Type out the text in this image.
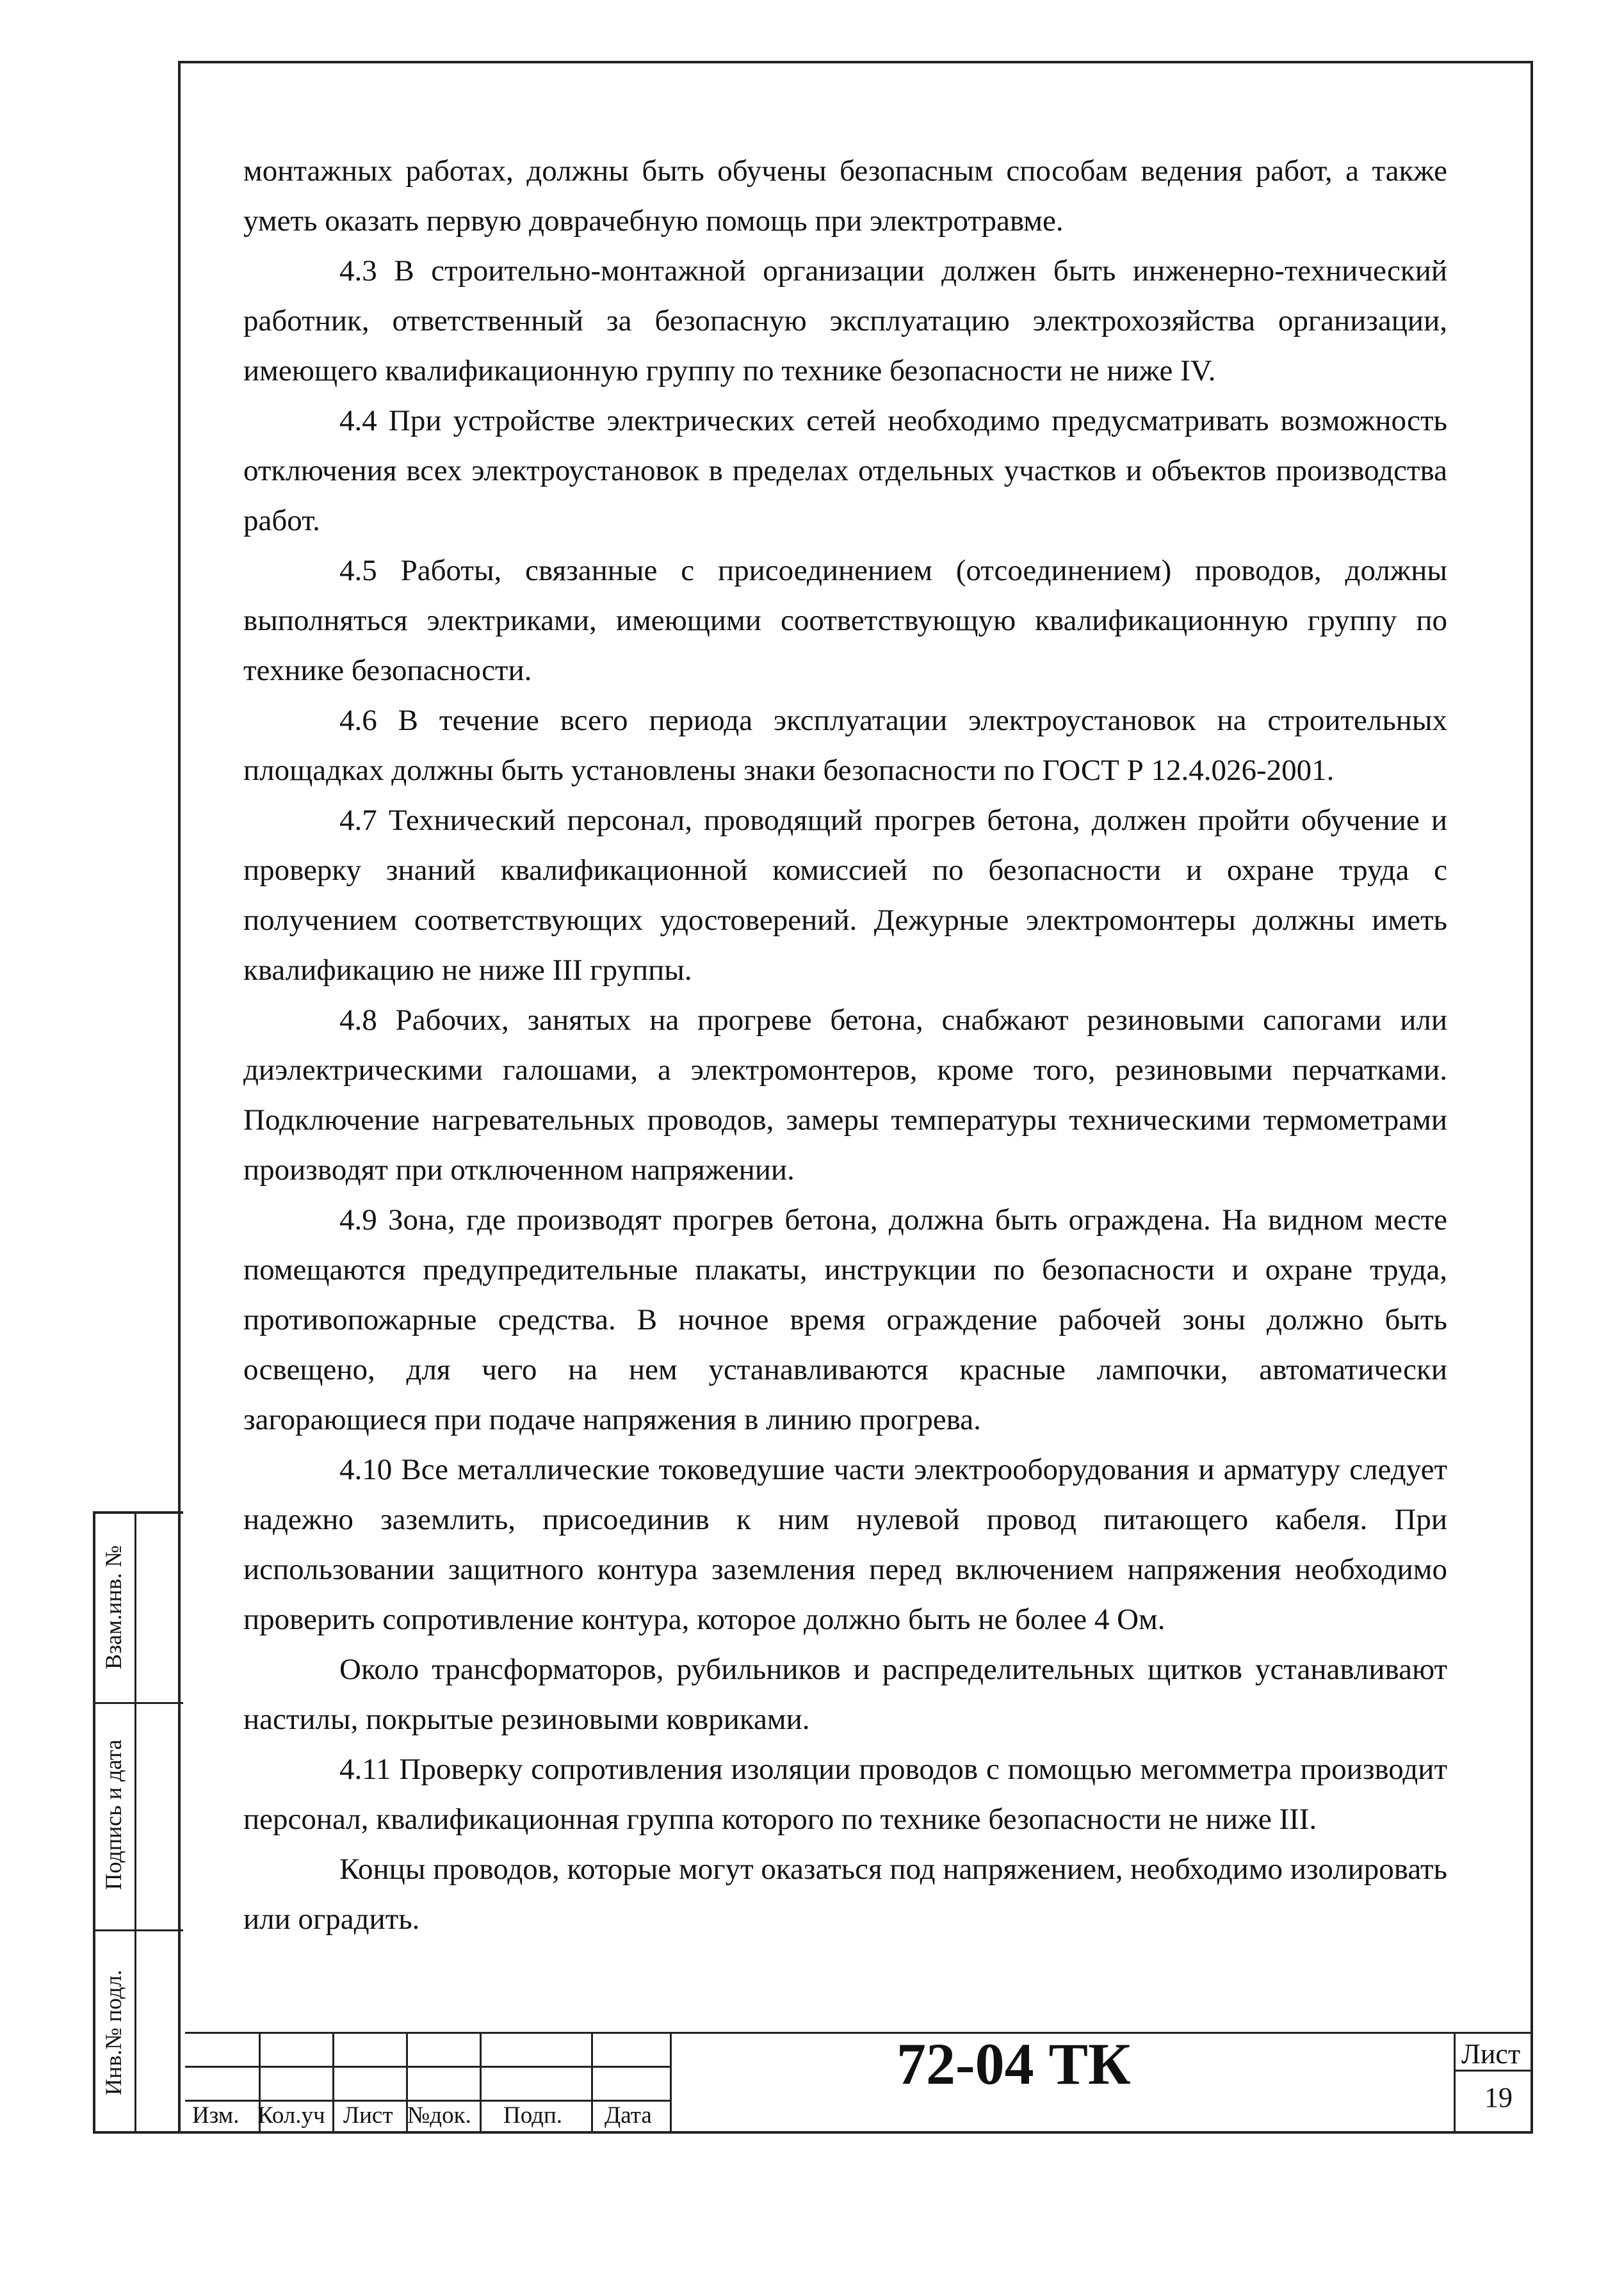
Взам.инв. №
Подпись и дата
Инв.№ подл.

монтажных работах, должны быть обучены безопасным способам ведения работ, а также уметь оказать первую доврачебную помощь при электротравме.

4.3 В строительно-монтажной организации должен быть инженерно-технический работник, ответственный за безопасную эксплуатацию электрохозяйства организации, имеющего квалификационную группу по технике безопасности не ниже IV.

4.4 При устройстве электрических сетей необходимо предусматривать возможность отключения всех электроустановок в пределах отдельных участков и объектов производства работ.

4.5 Работы, связанные с присоединением (отсоединением) проводов, должны выполняться электриками, имеющими соответствующую квалификационную группу по технике безопасности.

4.6 В течение всего периода эксплуатации электроустановок на строительных площадках должны быть установлены знаки безопасности по ГОСТ Р 12.4.026-2001.

4.7 Технический персонал, проводящий прогрев бетона, должен пройти обучение и проверку знаний квалификационной комиссией по безопасности и охране труда с получением соответствующих удостоверений. Дежурные электромонтеры должны иметь квалификацию не ниже III группы.

4.8 Рабочих, занятых на прогреве бетона, снабжают резиновыми сапогами или диэлектрическими галошами, а электромонтеров, кроме того, резиновыми перчатками. Подключение нагревательных проводов, замеры температуры техническими термометрами производят при отключенном напряжении.

4.9 Зона, где производят прогрев бетона, должна быть ограждена. На видном месте помещаются предупредительные плакаты, инструкции по безопасности и охране труда, противопожарные средства. В ночное время ограждение рабочей зоны должно быть освещено, для чего на нем устанавливаются красные лампочки, автоматически загорающиеся при подаче напряжения в линию прогрева.

4.10 Все металлические токоведушие части электрооборудования и арматуру следует надежно заземлить, присоединив к ним нулевой провод питающего кабеля. При использовании защитного контура заземления перед включением напряжения необходимо проверить сопротивление контура, которое должно быть не более 4 Ом.

Около трансформаторов, рубильников и распределительных щитков устанавливают настилы, покрытые резиновыми ковриками.

4.11 Проверку сопротивления изоляции проводов с помощью мегомметра производит персонал, квалификационная группа которого по технике безопасности не ниже III.

Концы проводов, которые могут оказаться под напряжением, необходимо изолировать или оградить.

Изм. Кол.уч Лист №док. Подп. Дата
72-04 ТК	Лист
19
